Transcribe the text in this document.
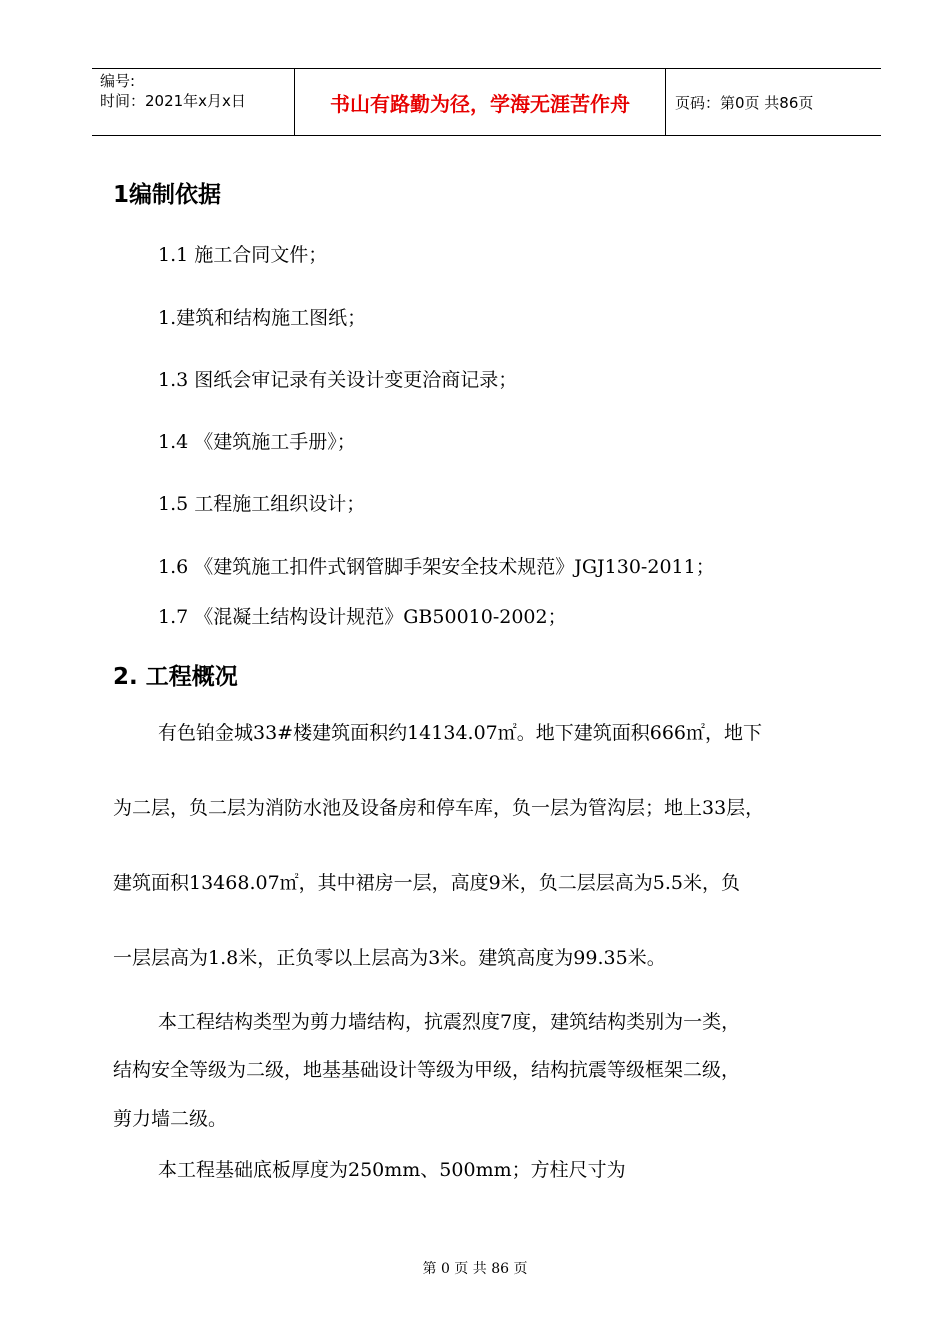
编号:
时间：2021年x月x日	书山有路勤为径，学海无涯苦作舟	页码：第0页 共86页
1编制依据
1.1 施工合同文件；
1.建筑和结构施工图纸；
1.3 图纸会审记录有关设计变更洽商记录；
1.4 《建筑施工手册》；
1.5 工程施工组织设计；
1.6 《建筑施工扣件式钢管脚手架安全技术规范》JGJ130-2011；
1.7 《混凝土结构设计规范》GB50010-2002；
2. 工程概况
有色铂金城33#楼建筑面积约14134.07㎡。地下建筑面积666㎡，地下
为二层，负二层为消防水池及设备房和停车库，负一层为管沟层；地上33层，
建筑面积13468.07㎡，其中裙房一层，高度9米，负二层层高为5.5米，负
一层层高为1.8米，正负零以上层高为3米。建筑高度为99.35米。
本工程结构类型为剪力墙结构，抗震烈度7度，建筑结构类别为一类，
结构安全等级为二级，地基基础设计等级为甲级，结构抗震等级框架二级，
剪力墙二级。
本工程基础底板厚度为250mm、500mm；方柱尺寸为
第 0 页 共 86 页
